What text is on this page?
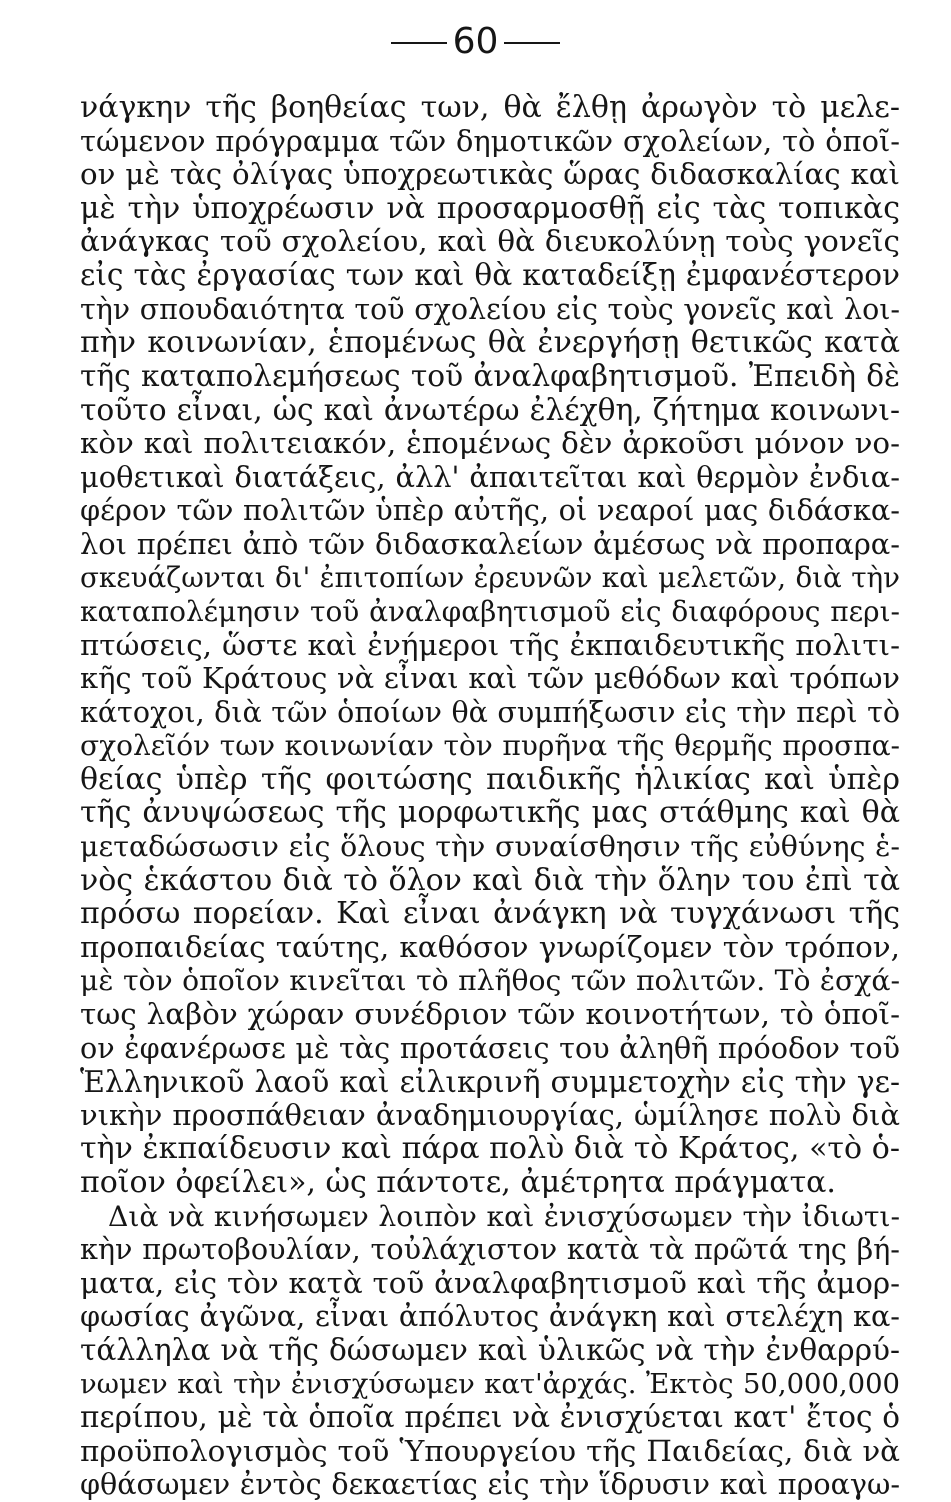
60
νάγκην τῆς βοηθείας των, θὰ ἔλθῃ ἀρωγὸν τὸ μελε-
τώμενον πρόγραμμα τῶν δημοτικῶν σχολείων, τὸ ὁποῖ-
ον μὲ τὰς ὀλίγας ὑποχρεωτικὰς ὥρας διδασκαλίας καὶ
μὲ τὴν ὑποχρέωσιν νὰ προσαρμοσθῇ εἰς τὰς τοπικὰς
ἀνάγκας τοῦ σχολείου, καὶ θὰ διευκολύνῃ τοὺς γονεῖς
εἰς τὰς ἐργασίας των καὶ θὰ καταδείξῃ ἐμφανέστερον
τὴν σπουδαιότητα τοῦ σχολείου εἰς τοὺς γονεῖς καὶ λοι-
πὴν κοινωνίαν, ἑπομένως θὰ ἐνεργήσῃ θετικῶς κατὰ
τῆς καταπολεμήσεως τοῦ ἀναλφαβητισμοῦ. Ἐπειδὴ δὲ
τοῦτο εἶναι, ὡς καὶ ἀνωτέρω ἐλέχθη, ζήτημα κοινωνι-
κὸν καὶ πολιτειακόν, ἑπομένως δὲν ἀρκοῦσι μόνον νο-
μοθετικαὶ διατάξεις, ἀλλ' ἀπαιτεῖται καὶ θερμὸν ἐνδια-
φέρον τῶν πολιτῶν ὑπὲρ αὐτῆς, οἱ νεαροί μας διδάσκα-
λοι πρέπει ἀπὸ τῶν διδασκαλείων ἀμέσως νὰ προπαρα-
σκευάζωνται δι' ἐπιτοπίων ἐρευνῶν καὶ μελετῶν, διὰ τὴν
καταπολέμησιν τοῦ ἀναλφαβητισμοῦ εἰς διαφόρους περι-
πτώσεις, ὥστε καὶ ἐνήμεροι τῆς ἐκπαιδευτικῆς πολιτι-
κῆς τοῦ Κράτους νὰ εἶναι καὶ τῶν μεθόδων καὶ τρόπων
κάτοχοι, διὰ τῶν ὁποίων θὰ συμπήξωσιν εἰς τὴν περὶ τὸ
σχολεῖόν των κοινωνίαν τὸν πυρῆνα τῆς θερμῆς προσπα-
θείας ὑπὲρ τῆς φοιτώσης παιδικῆς ἡλικίας καὶ ὑπὲρ
τῆς ἀνυψώσεως τῆς μορφωτικῆς μας στάθμης καὶ θὰ
μεταδώσωσιν εἰς ὅλους τὴν συναίσθησιν τῆς εὐθύνης ἑ-
νὸς ἑκάστου διὰ τὸ ὅλον καὶ διὰ τὴν ὅλην του ἐπὶ τὰ
πρόσω πορείαν. Καὶ εἶναι ἀνάγκη νὰ τυγχάνωσι τῆς
προπαιδείας ταύτης, καθόσον γνωρίζομεν τὸν τρόπον,
μὲ τὸν ὁποῖον κινεῖται τὸ πλῆθος τῶν πολιτῶν. Τὸ ἐσχά-
τως λαβὸν χώραν συνέδριον τῶν κοινοτήτων, τὸ ὁποῖ-
ον ἐφανέρωσε μὲ τὰς προτάσεις του ἀληθῆ πρόοδον τοῦ
Ἑλληνικοῦ λαοῦ καὶ εἰλικρινῆ συμμετοχὴν εἰς τὴν γε-
νικὴν προσπάθειαν ἀναδημιουργίας, ὡμίλησε πολὺ διὰ
τὴν ἐκπαίδευσιν καὶ πάρα πολὺ διὰ τὸ Κράτος, «τὸ ὁ-
ποῖον ὀφείλει», ὡς πάντοτε, ἀμέτρητα πράγματα.
Διὰ νὰ κινήσωμεν λοιπὸν καὶ ἐνισχύσωμεν τὴν ἰδιωτι-
κὴν πρωτοβουλίαν, τοὐλάχιστον κατὰ τὰ πρῶτά της βή-
ματα, εἰς τὸν κατὰ τοῦ ἀναλφαβητισμοῦ καὶ τῆς ἀμορ-
φωσίας ἀγῶνα, εἶναι ἀπόλυτος ἀνάγκη καὶ στελέχη κα-
τάλληλα νὰ τῆς δώσωμεν καὶ ὑλικῶς νὰ τὴν ἐνθαρρύ-
νωμεν καὶ τὴν ἐνισχύσωμεν κατ'ἀρχάς. Ἐκτὸς 50,000,000
περίπου, μὲ τὰ ὁποῖα πρέπει νὰ ἐνισχύεται κατ' ἔτος ὁ
προϋπολογισμὸς τοῦ Ὑπουργείου τῆς Παιδείας, διὰ νὰ
φθάσωμεν ἐντὸς δεκαετίας εἰς τὴν ἵδρυσιν καὶ προαγω-
